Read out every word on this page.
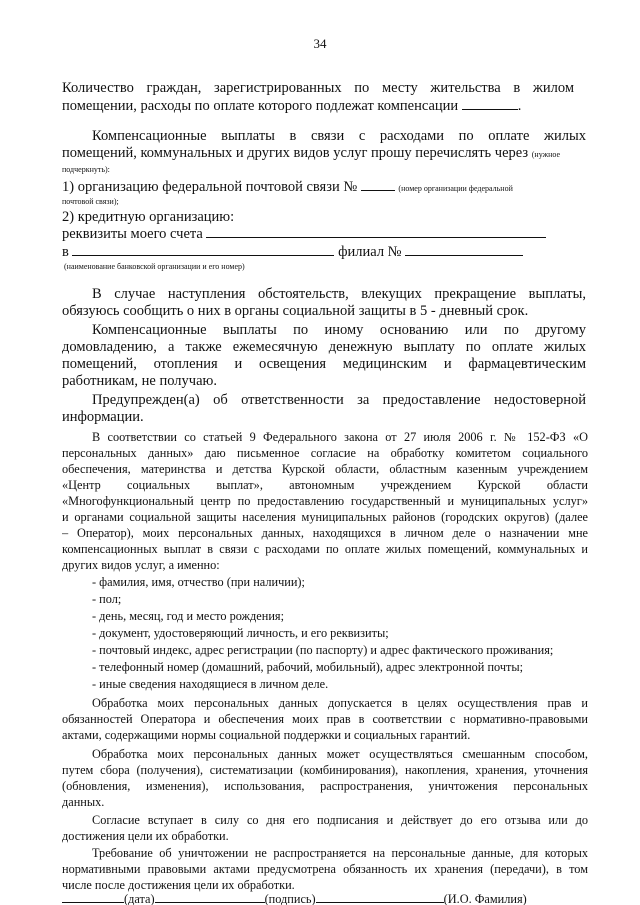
34
Количество граждан, зарегистрированных по месту жительства в жилом
помещении, расходы по оплате которого подлежат компенсации	.
Компенсационные выплаты в связи с расходами по оплате жилых
помещений, коммунальных и других видов услуг прошу перечислять через (нужное
подчеркнуть):
1) организацию федеральной почтовой связи №	(номер организации федеральной
почтовой связи);
2) кредитную организацию:
реквизиты моего счета
в	филиал №
(наименование банковской организации и его номер)
В случае наступления обстоятельств, влекущих прекращение выплаты,
обязуюсь сообщить о них в органы социальной защиты в 5 - дневный срок.
Компенсационные выплаты по иному основанию или по другому
домовладению, а также ежемесячную денежную выплату по оплате жилых
помещений, отопления и освещения медицинским и фармацевтическим
работникам, не получаю.
Предупрежден(а) об ответственности за предоставление недостоверной
информации.
В соответствии со статьей 9 Федерального закона от 27 июля 2006 г. № 152-ФЗ «О
персональных данных» даю письменное согласие на обработку комитетом социального
обеспечения, материнства и детства Курской области, областным казенным учреждением
«Центр социальных выплат», автономным учреждением Курской области
«Многофункциональный центр по предоставлению государственный и муниципальных услуг»
и органами социальной защиты населения муниципальных районов (городских округов) (далее
– Оператор), моих персональных данных, находящихся в личном деле о назначении мне
компенсационных выплат в связи с расходами по оплате жилых помещений, коммунальных и
других видов услуг, а именно:
- фамилия, имя, отчество (при наличии);
- пол;
- день, месяц, год и место рождения;
- документ, удостоверяющий личность, и его реквизиты;
- почтовый индекс, адрес регистрации (по паспорту) и адрес фактического проживания;
- телефонный номер (домашний, рабочий, мобильный), адрес электронной почты;
- иные сведения находящиеся в личном деле.
Обработка моих персональных данных допускается в целях осуществления прав и
обязанностей Оператора и обеспечения моих прав в соответствии с нормативно-правовыми
актами, содержащими нормы социальной поддержки и социальных гарантий.
Обработка моих персональных данных может осуществляться смешанным способом,
путем сбора (получения), систематизации (комбинирования), накопления, хранения, уточнения
(обновления, изменения), использования, распространения, уничтожения персональных
данных.
Согласие вступает в силу со дня его подписания и действует до его отзыва или до
достижения цели их обработки.
Требование об уничтожении не распространяется на персональные данные, для которых
нормативными правовыми актами предусмотрена обязанность их хранения (передачи), в том
числе после достижения цели их обработки.
(дата)	(подпись)	(И.О. Фамилия)
